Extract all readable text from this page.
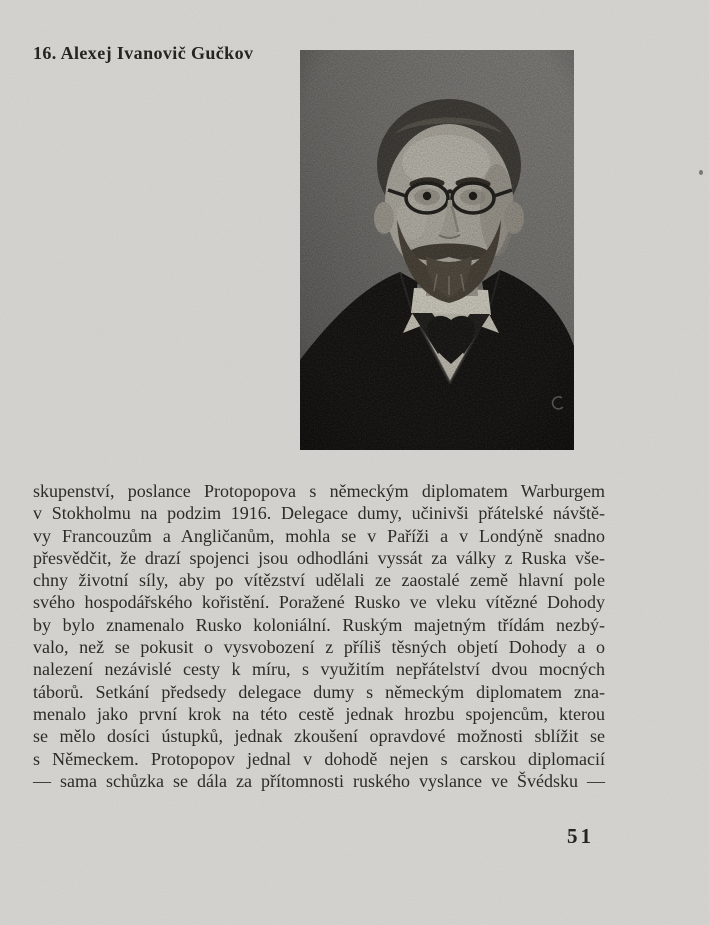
16. Alexej Ivanovič Gučkov
skupenství, poslance Protopopova s německým diplomatem Warburgem
v Stokholmu na podzim 1916. Delegace dumy, učinivši přátelské návště-
vy Francouzům a Angličanům, mohla se v Paříži a v Londýně snadno
přesvědčit, že drazí spojenci jsou odhodláni vyssát za války z Ruska vše-
chny životní síly, aby po vítězství udělali ze zaostalé země hlavní pole
svého hospodářského kořistění. Poražené Rusko ve vleku vítězné Dohody
by bylo znamenalo Rusko koloniální. Ruským majetným třídám nezbý-
valo, než se pokusit o vysvobození z příliš těsných objetí Dohody a o
nalezení nezávislé cesty k míru, s využitím nepřátelství dvou mocných
táborů. Setkání předsedy delegace dumy s německým diplomatem zna-
menalo jako první krok na této cestě jednak hrozbu spojencům, kterou
se mělo dosíci ústupků, jednak zkoušení opravdové možnosti sblížit se
s Německem. Protopopov jednal v dohodě nejen s carskou diplomacií
— sama schůzka se dála za přítomnosti ruského vyslance ve Švédsku —
51
